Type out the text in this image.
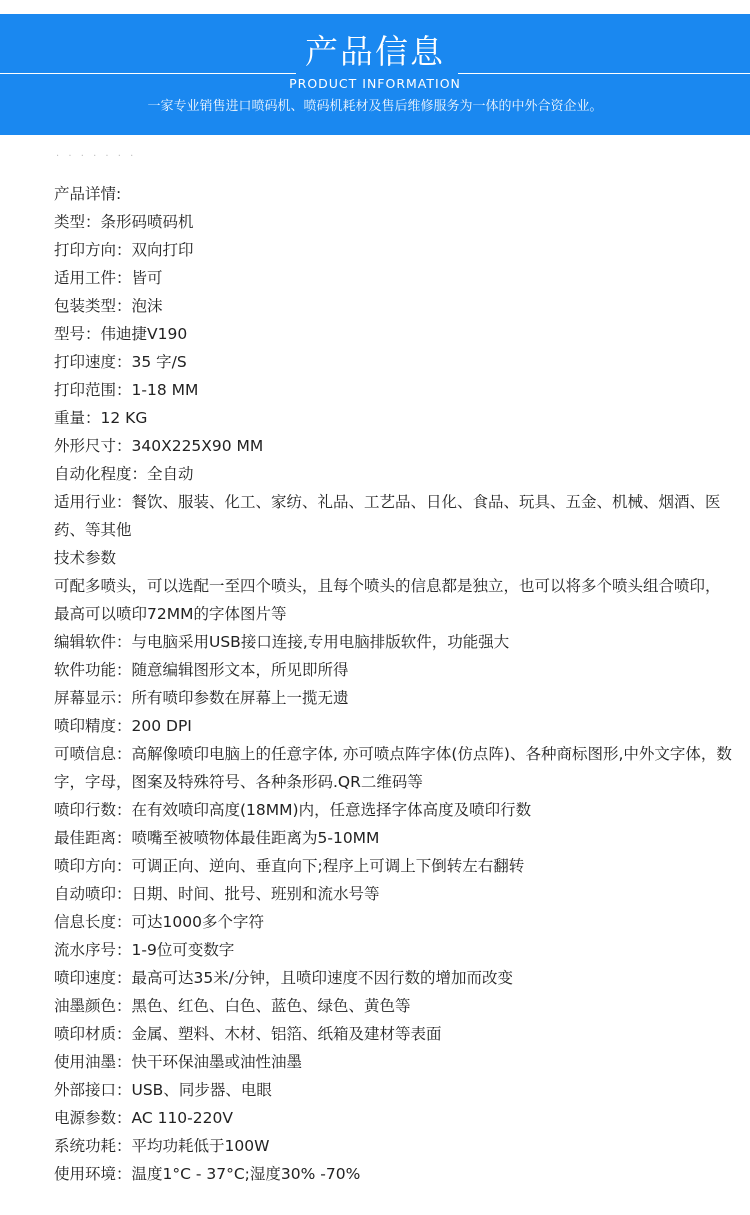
产品信息
PRODUCT INFORMATION
一家专业销售进口喷码机、喷码机耗材及售后维修服务为一体的中外合资企业。
· · · · · · ·
产品详情:
类型：条形码喷码机
打印方向：双向打印
适用工件：皆可
包装类型：泡沫
型号：伟迪捷V190
打印速度：35 字/S
打印范围：1-18 MM
重量：12 KG
外形尺寸：340X225X90 MM
自动化程度：全自动
适用行业：餐饮、服装、化工、家纺、礼品、工艺品、日化、食品、玩具、五金、机械、烟酒、医药、等其他
技术参数
可配多喷头，可以选配一至四个喷头，且每个喷头的信息都是独立，也可以将多个喷头组合喷印，最高可以喷印72MM的字体图片等
编辑软件：与电脑采用USB接口连接,专用电脑排版软件，功能强大
软件功能：随意编辑图形文本，所见即所得
屏幕显示：所有喷印参数在屏幕上一揽无遗
喷印精度：200 DPI
可喷信息：高解像喷印电脑上的任意字体, 亦可喷点阵字体(仿点阵)、各种商标图形,中外文字体，数字，字母，图案及特殊符号、各种条形码.QR二维码等
喷印行数：在有效喷印高度(18MM)内，任意选择字体高度及喷印行数
最佳距离：喷嘴至被喷物体最佳距离为5-10MM
喷印方向：可调正向、逆向、垂直向下;程序上可调上下倒转左右翻转
自动喷印：日期、时间、批号、班别和流水号等
信息长度：可达1000多个字符
流水序号：1-9位可变数字
喷印速度：最高可达35米/分钟，且喷印速度不因行数的增加而改变
油墨颜色：黑色、红色、白色、蓝色、绿色、黄色等
喷印材质：金属、塑料、木材、铝箔、纸箱及建材等表面
使用油墨：快干环保油墨或油性油墨
外部接口：USB、同步器、电眼
电源参数：AC 110-220V
系统功耗：平均功耗低于100W
使用环境：温度1°C - 37°C;湿度30% -70%
